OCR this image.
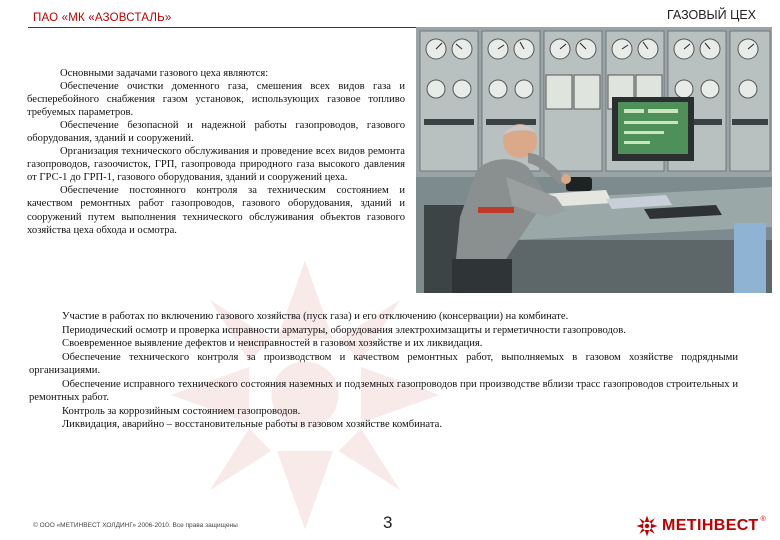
ПАО «МК «АЗОВСТАЛЬ»	ГАЗОВЫЙ ЦЕХ

Основными задачами газового цеха являются:

Обеспечение очистки доменного газа, смешения всех видов газа и бесперебойного снабжения газом установок, использующих газовое топливо требуемых параметров.

Обеспечение безопасной и надежной работы газопроводов, газового оборудования, зданий и сооружений.

Организация технического обслуживания и проведение всех видов ремонта газопроводов, газоочисток, ГРП, газопровода природного газа высокого давления от ГРС-1 до ГРП-1, газового оборудования, зданий и сооружений цеха.

Обеспечение постоянного контроля за техническим состоянием и качеством ремонтных работ газопроводов, газового оборудования, зданий и сооружений путем выполнения технического обслуживания объектов газового хозяйства цеха обхода и осмотра.

Участие в работах по включению газового хозяйства (пуск газа) и его отключению (консервации) на комбинате.

Периодический осмотр и проверка исправности арматуры, оборудования электрохимзащиты и герметичности газопроводов.

Своевременное выявление дефектов и неисправностей в газовом хозяйстве и их ликвидация.

Обеспечение технического контроля за производством и качеством ремонтных работ, выполняемых в газовом хозяйстве подрядными организациями.

Обеспечение исправного технического состояния наземных и подземных газопроводов при производстве вблизи трасс газопроводов строительных и ремонтных работ.

Контроль за коррозийным состоянием газопроводов.

Ликвидация, аварийно – восстановительные работы в газовом хозяйстве комбината.

© ООО «МЕТИНВЕСТ ХОЛДИНГ» 2006-2010. Все права защищены	3	МЕТІНВЕСТ ®
